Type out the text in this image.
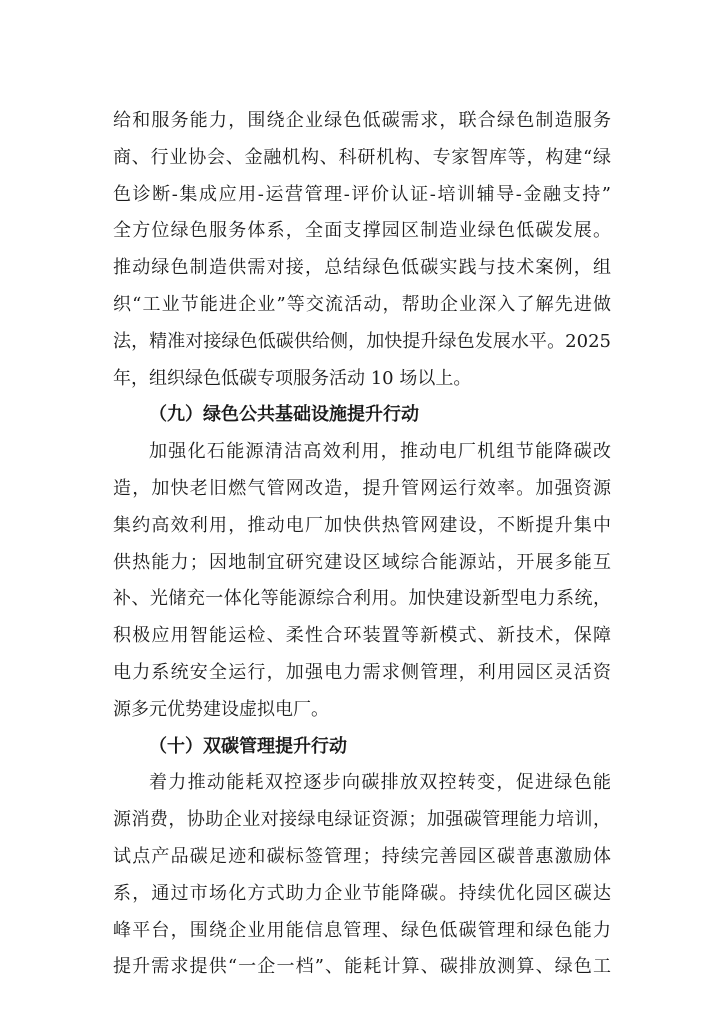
给和服务能力，围绕企业绿色低碳需求，联合绿色制造服务
商、行业协会、金融机构、科研机构、专家智库等，构建“绿
色诊断-集成应用-运营管理-评价认证-培训辅导-金融支持”
全方位绿色服务体系，全面支撑园区制造业绿色低碳发展。
推动绿色制造供需对接，总结绿色低碳实践与技术案例，组
织“工业节能进企业”等交流活动，帮助企业深入了解先进做
法，精准对接绿色低碳供给侧，加快提升绿色发展水平。2025
年，组织绿色低碳专项服务活动 10 场以上。
（九）绿色公共基础设施提升行动
加强化石能源清洁高效利用，推动电厂机组节能降碳改
造，加快老旧燃气管网改造，提升管网运行效率。加强资源
集约高效利用，推动电厂加快供热管网建设，不断提升集中
供热能力；因地制宜研究建设区域综合能源站，开展多能互
补、光储充一体化等能源综合利用。加快建设新型电力系统，
积极应用智能运检、柔性合环装置等新模式、新技术，保障
电力系统安全运行，加强电力需求侧管理，利用园区灵活资
源多元优势建设虚拟电厂。
（十）双碳管理提升行动
着力推动能耗双控逐步向碳排放双控转变，促进绿色能
源消费，协助企业对接绿电绿证资源；加强碳管理能力培训，
试点产品碳足迹和碳标签管理；持续完善园区碳普惠激励体
系，通过市场化方式助力企业节能降碳。持续优化园区碳达
峰平台，围绕企业用能信息管理、绿色低碳管理和绿色能力
提升需求提供“一企一档”、能耗计算、碳排放测算、绿色工
